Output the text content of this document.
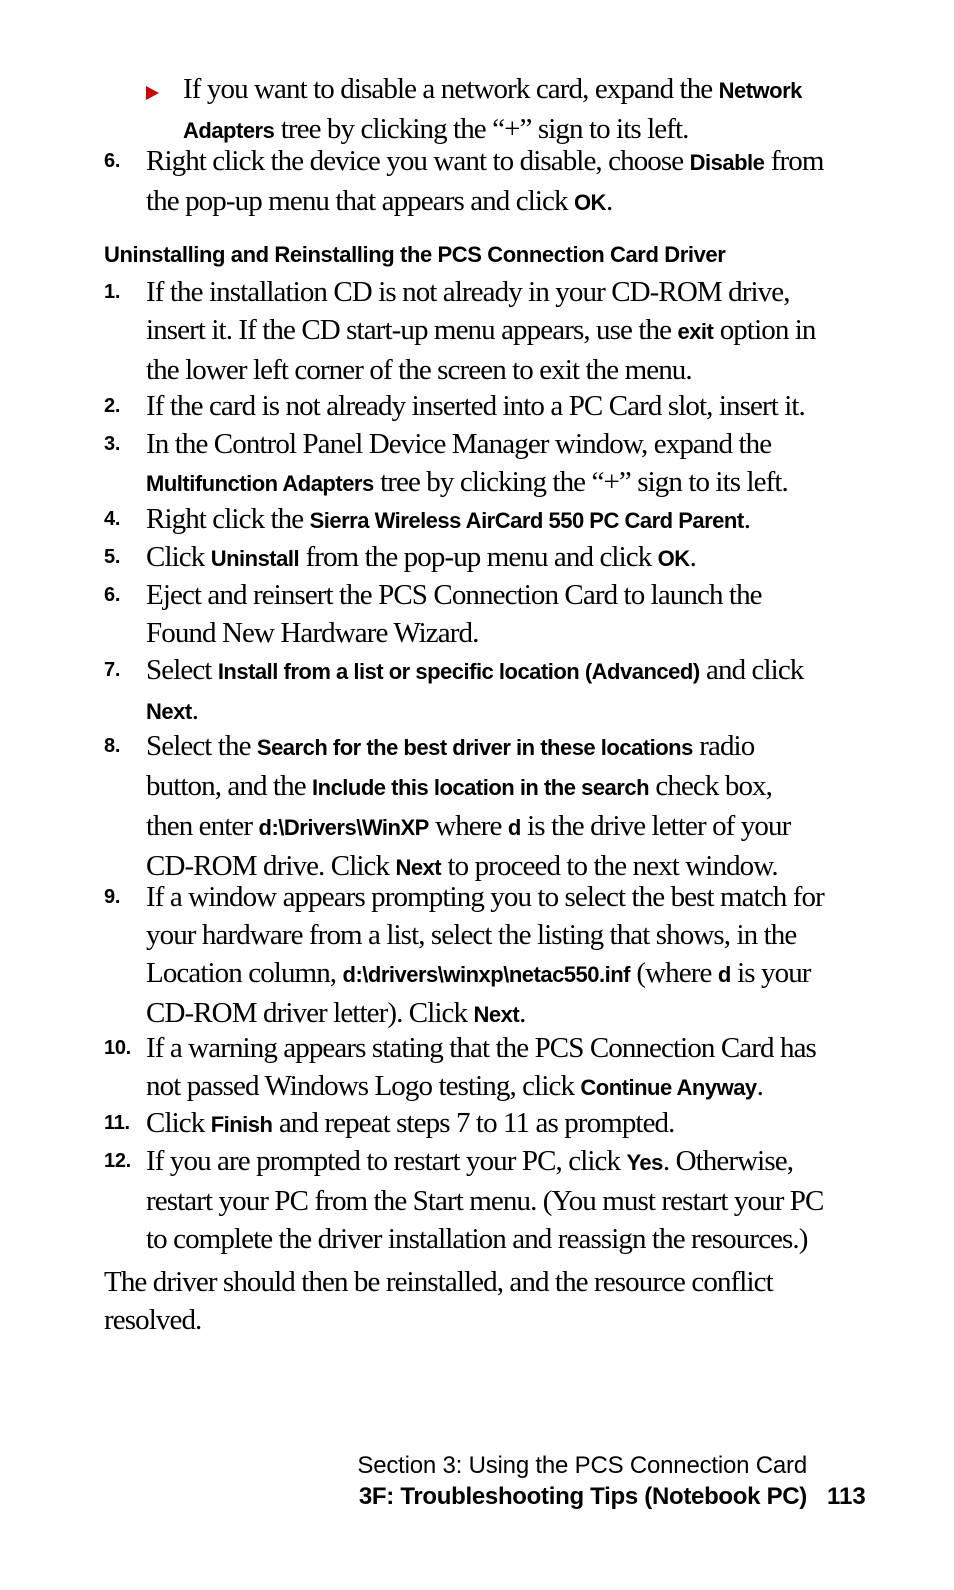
If you want to disable a network card, expand the Network Adapters tree by clicking the “+” sign to its left.
6. Right click the device you want to disable, choose Disable from the pop-up menu that appears and click OK.
Uninstalling and Reinstalling the PCS Connection Card Driver
1. If the installation CD is not already in your CD-ROM drive, insert it. If the CD start-up menu appears, use the exit option in the lower left corner of the screen to exit the menu.
2. If the card is not already inserted into a PC Card slot, insert it.
3. In the Control Panel Device Manager window, expand the Multifunction Adapters tree by clicking the “+” sign to its left.
4. Right click the Sierra Wireless AirCard 550 PC Card Parent.
5. Click Uninstall from the pop-up menu and click OK.
6. Eject and reinsert the PCS Connection Card to launch the Found New Hardware Wizard.
7. Select Install from a list or specific location (Advanced) and click Next.
8. Select the Search for the best driver in these locations radio button, and the Include this location in the search check box, then enter d:\Drivers\WinXP where d is the drive letter of your CD-ROM drive. Click Next to proceed to the next window.
9. If a window appears prompting you to select the best match for your hardware from a list, select the listing that shows, in the Location column, d:\drivers\winxp\netac550.inf (where d is your CD-ROM driver letter). Click Next.
10. If a warning appears stating that the PCS Connection Card has not passed Windows Logo testing, click Continue Anyway.
11. Click Finish and repeat steps 7 to 11 as prompted.
12. If you are prompted to restart your PC, click Yes. Otherwise, restart your PC from the Start menu. (You must restart your PC to complete the driver installation and reassign the resources.)
The driver should then be reinstalled, and the resource conflict resolved.
Section 3: Using the PCS Connection Card
3F: Troubleshooting Tips (Notebook PC) 113
